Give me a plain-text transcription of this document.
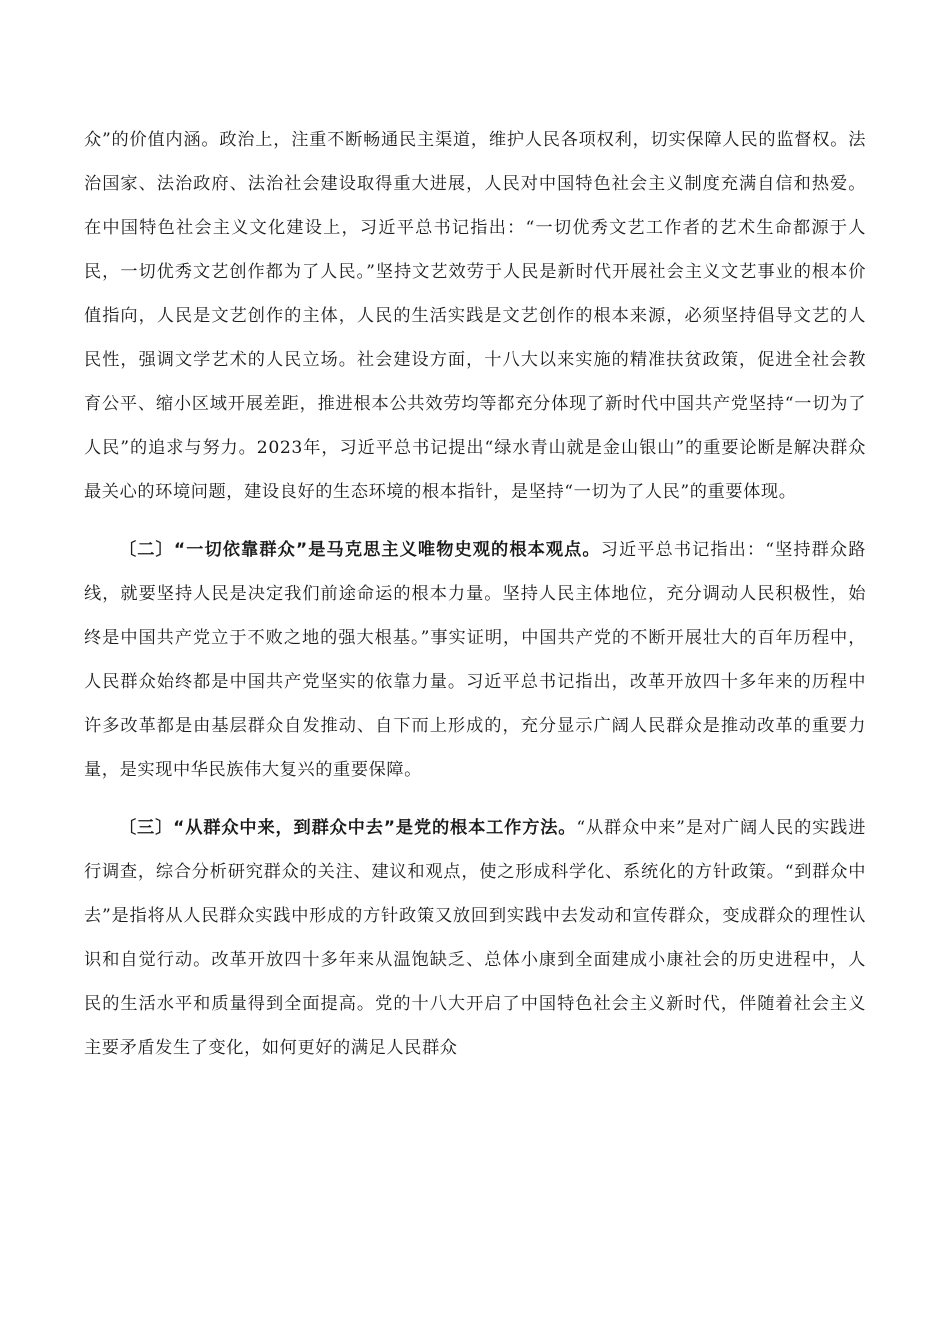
众”的价值内涵。政治上，注重不断畅通民主渠道，维护人民各项权利，切实保障人民的监督权。法治国家、法治政府、法治社会建设取得重大进展，人民对中国特色社会主义制度充满自信和热爱。在中国特色社会主义文化建设上，习近平总书记指出：“一切优秀文艺工作者的艺术生命都源于人民，一切优秀文艺创作都为了人民。”坚持文艺效劳于人民是新时代开展社会主义文艺事业的根本价值指向，人民是文艺创作的主体，人民的生活实践是文艺创作的根本来源，必须坚持倡导文艺的人民性，强调文学艺术的人民立场。社会建设方面，十八大以来实施的精准扶贫政策，促进全社会教育公平、缩小区域开展差距，推进根本公共效劳均等都充分体现了新时代中国共产党坚持“一切为了人民”的追求与努力。2023年，习近平总书记提出“绿水青山就是金山银山”的重要论断是解决群众最关心的环境问题，建设良好的生态环境的根本指针，是坚持“一切为了人民”的重要体现。

〔二〕“一切依靠群众”是马克思主义唯物史观的根本观点。习近平总书记指出：“坚持群众路线，就要坚持人民是决定我们前途命运的根本力量。坚持人民主体地位，充分调动人民积极性，始终是中国共产党立于不败之地的强大根基。”事实证明，中国共产党的不断开展壮大的百年历程中，人民群众始终都是中国共产党坚实的依靠力量。习近平总书记指出，改革开放四十多年来的历程中许多改革都是由基层群众自发推动、自下而上形成的，充分显示广阔人民群众是推动改革的重要力量，是实现中华民族伟大复兴的重要保障。

〔三〕“从群众中来，到群众中去”是党的根本工作方法。“从群众中来”是对广阔人民的实践进行调查，综合分析研究群众的关注、建议和观点，使之形成科学化、系统化的方针政策。“到群众中去”是指将从人民群众实践中形成的方针政策又放回到实践中去发动和宣传群众，变成群众的理性认识和自觉行动。改革开放四十多年来从温饱缺乏、总体小康到全面建成小康社会的历史进程中，人民的生活水平和质量得到全面提高。党的十八大开启了中国特色社会主义新时代，伴随着社会主义主要矛盾发生了变化，如何更好的满足人民群众
